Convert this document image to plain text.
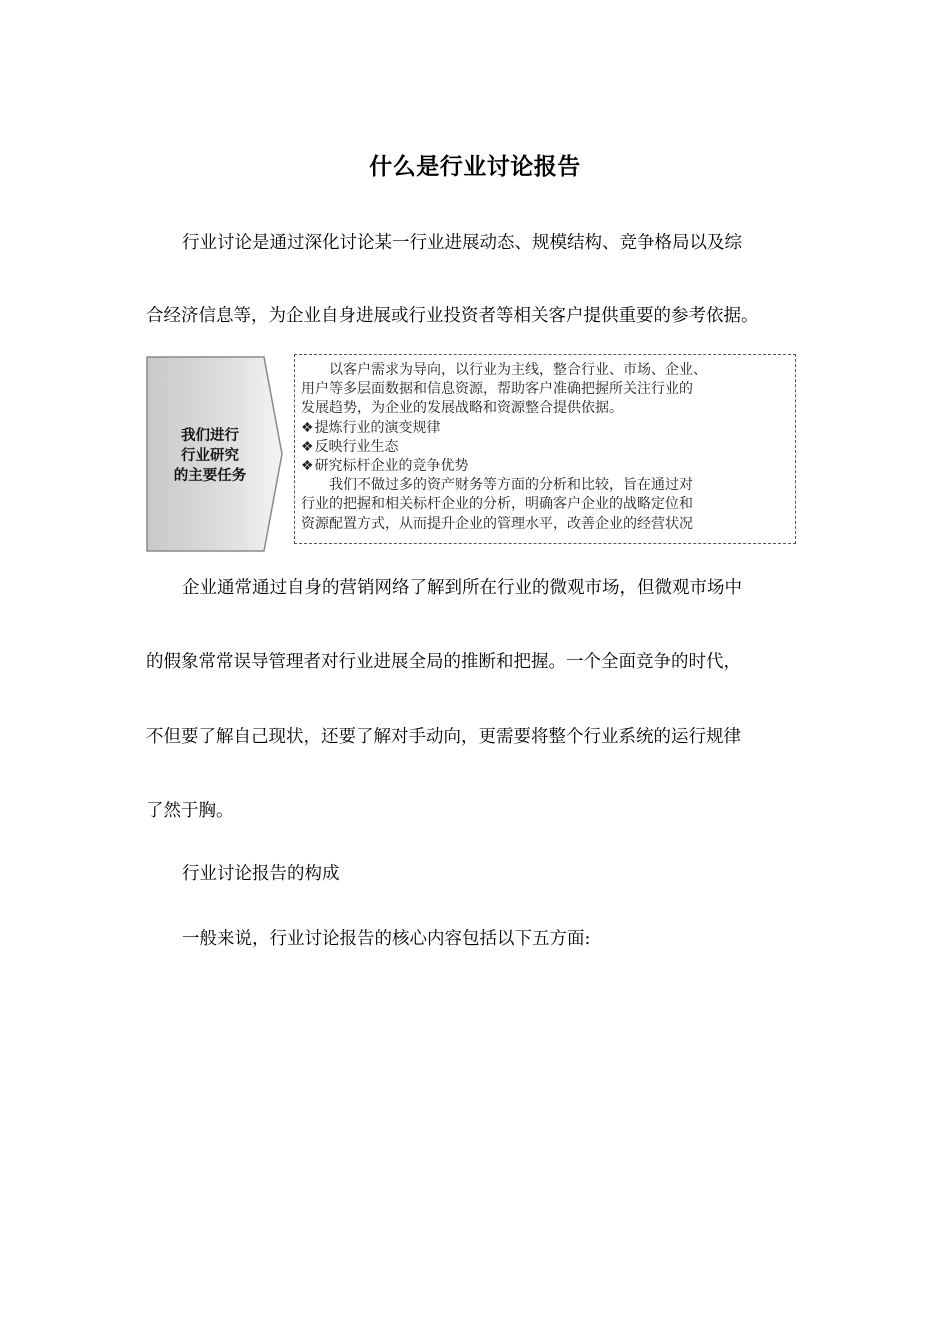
什么是行业讨论报告
行业讨论是通过深化讨论某一行业进展动态、规模结构、竞争格局以及综
合经济信息等，为企业自身进展或行业投资者等相关客户提供重要的参考依据。
我们进行
行业研究
的主要任务
以客户需求为导向，以行业为主线，整合行业、市场、企业、
用户等多层面数据和信息资源，帮助客户准确把握所关注行业的
发展趋势，为企业的发展战略和资源整合提供依据。
❖提炼行业的演变规律
❖反映行业生态
❖研究标杆企业的竞争优势
我们不做过多的资产财务等方面的分析和比较，旨在通过对
行业的把握和相关标杆企业的分析，明确客户企业的战略定位和
资源配置方式，从而提升企业的管理水平，改善企业的经营状况
企业通常通过自身的营销网络了解到所在行业的微观市场，但微观市场中
的假象常常误导管理者对行业进展全局的推断和把握。一个全面竞争的时代，
不但要了解自己现状，还要了解对手动向，更需要将整个行业系统的运行规律
了然于胸。
行业讨论报告的构成
一般来说，行业讨论报告的核心内容包括以下五方面:
